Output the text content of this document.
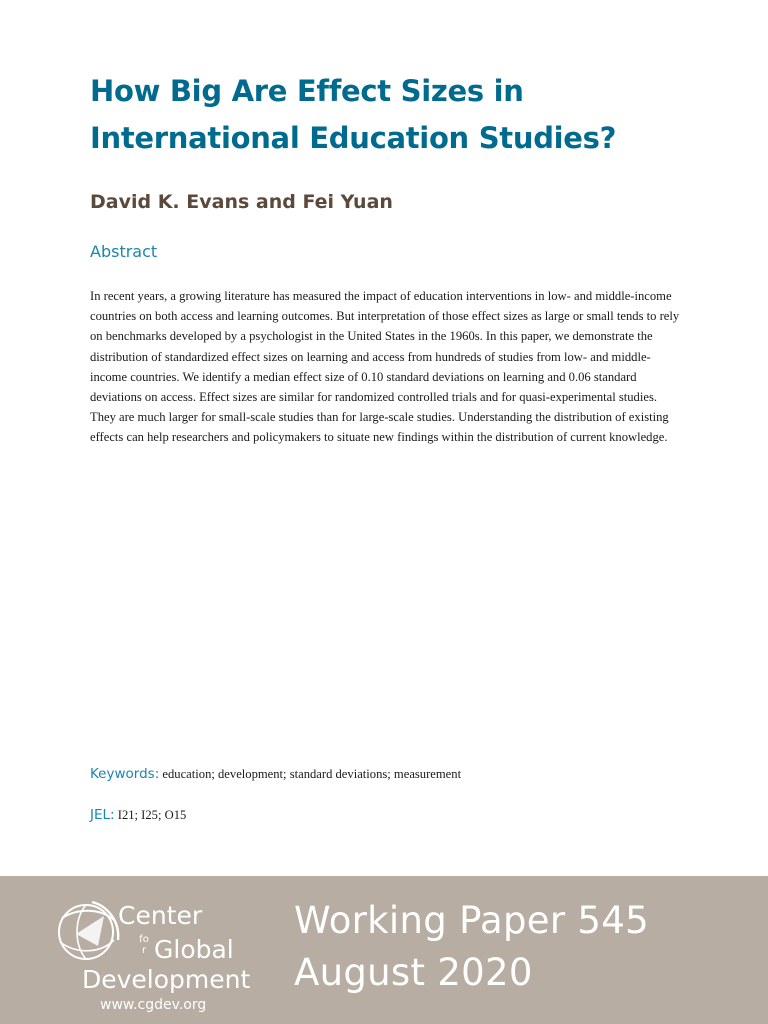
How Big Are Effect Sizes in International Education Studies?
David K. Evans and Fei Yuan
Abstract

In recent years, a growing literature has measured the impact of education interventions in low- and middle-income countries on both access and learning outcomes. But interpretation of those effect sizes as large or small tends to rely on benchmarks developed by a psychologist in the United States in the 1960s. In this paper, we demonstrate the distribution of standardized effect sizes on learning and access from hundreds of studies from low- and middle-income countries. We identify a median effect size of 0.10 standard deviations on learning and 0.06 standard deviations on access. Effect sizes are similar for randomized controlled trials and for quasi-experimental studies. They are much larger for small-scale studies than for large-scale studies. Understanding the distribution of existing effects can help researchers and policymakers to situate new findings within the distribution of current knowledge.

Keywords: education; development; standard deviations; measurement

JEL: I21; I25; O15

Center
for Global
Development
www.cgdev.org
Working Paper 545
August 2020
